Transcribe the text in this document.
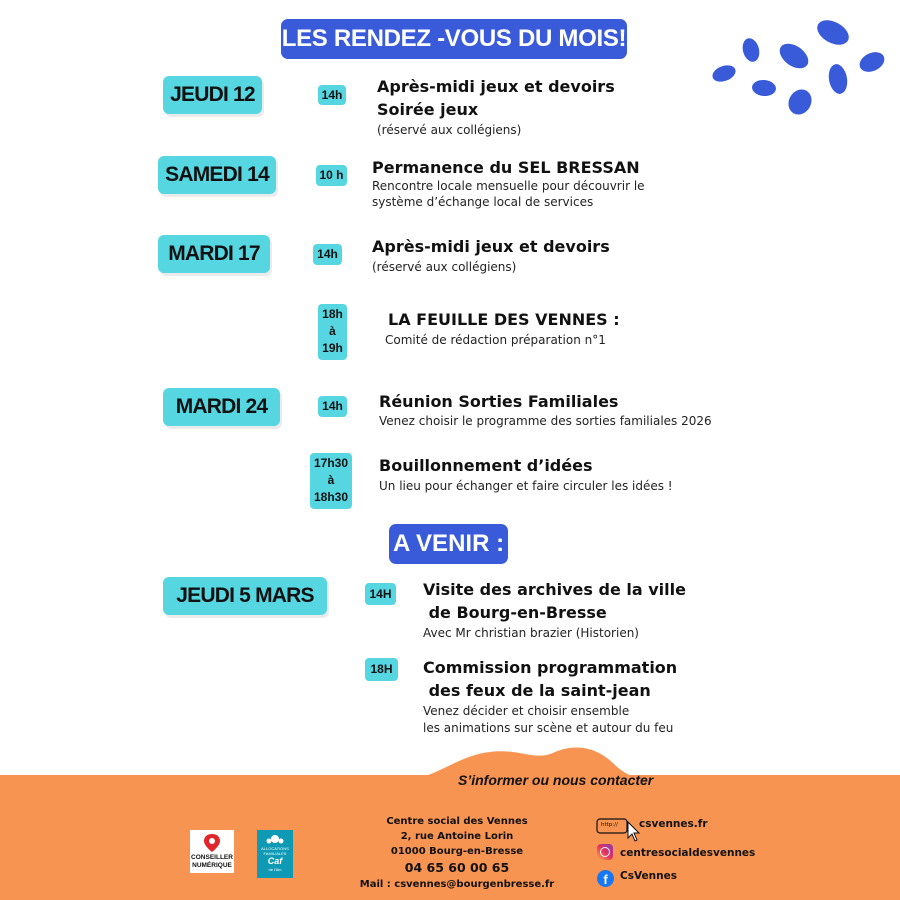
LES RENDEZ -VOUS DU MOIS!
JEUDI 12	14h Après-midi jeux et devoirs
Soirée jeux
(réservé aux collégiens)
SAMEDI 14	10 h Permanence du SEL BRESSAN
Rencontre locale mensuelle pour découvrir le
système d’échange local de services
MARDI 17	14h Après-midi jeux et devoirs
(réservé aux collégiens)
18h
à
19h
LA FEUILLE DES VENNES :
Comité de rédaction préparation n°1
MARDI 24	14h Réunion Sorties Familiales
Venez choisir le programme des sorties familiales 2026
17h30
à
18h30
Bouillonnement d’idées
Un lieu pour échanger et faire circuler les idées !
A VENIR :
JEUDI 5 MARS	14H Visite des archives de la ville
de Bourg-en-Bresse
Avec Mr christian brazier (Historien)
18H	Commission programmation
des feux de la saint-jean
Venez décider et choisir ensemble
les animations sur scène et autour du feu
S’informer ou nous contacter
CONSEILLER
NUMÉRIQUE
ALLOCATIONS
FAMILIALES
Caf
de l'Ain
Centre social des Vennes
2, rue Antoine Lorin
01000 Bourg-en-Bresse
04 65 60 00 65
Mail : csvennes@bourgenbresse.fr
http:// csvennes.fr
centresocialdesvennes
f	CsVennes
